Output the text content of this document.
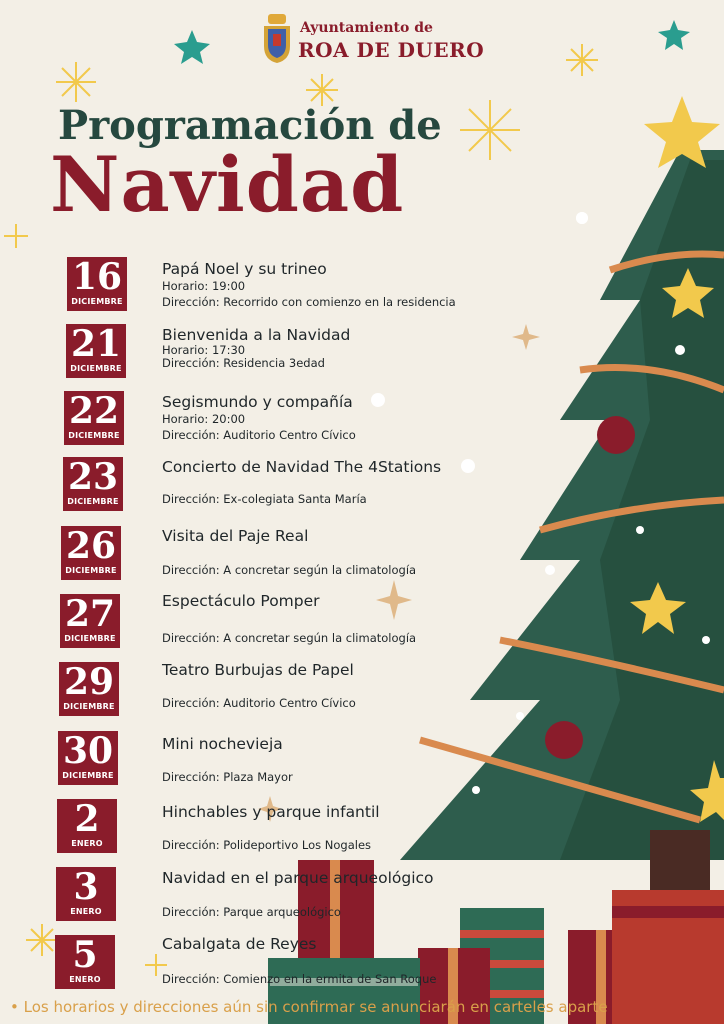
Ayuntamiento de
ROA DE DUERO
Programación de
Navidad
16
DICIEMBRE
Papá Noel y su trineo
Horario: 19:00
Dirección: Recorrido con comienzo en la residencia
21
DICIEMBRE
Bienvenida a la Navidad
Horario: 17:30
Dirección: Residencia 3edad
22
DICIEMBRE
Segismundo y compañía
Horario: 20:00
Dirección: Auditorio Centro Cívico
23
DICIEMBRE
Concierto de Navidad The 4Stations
Dirección: Ex-colegiata Santa María
26
DICIEMBRE
Visita del Paje Real
Dirección: A concretar según la climatología
27
DICIEMBRE
Espectáculo Pomper
Dirección: A concretar según la climatología
29
DICIEMBRE
Teatro Burbujas de Papel
Dirección: Auditorio Centro Cívico
30
DICIEMBRE
Mini nochevieja
Dirección: Plaza Mayor
2
ENERO
Hinchables y parque infantil
Dirección: Polideportivo Los Nogales
3
ENERO
Navidad en el parque arqueológico
Dirección: Parque arqueológico
5
ENERO
Cabalgata de Reyes
Dirección: Comienzo en la ermita de San Roque
• Los horarios y direcciones aún sin confirmar se anunciarán en carteles aparte
